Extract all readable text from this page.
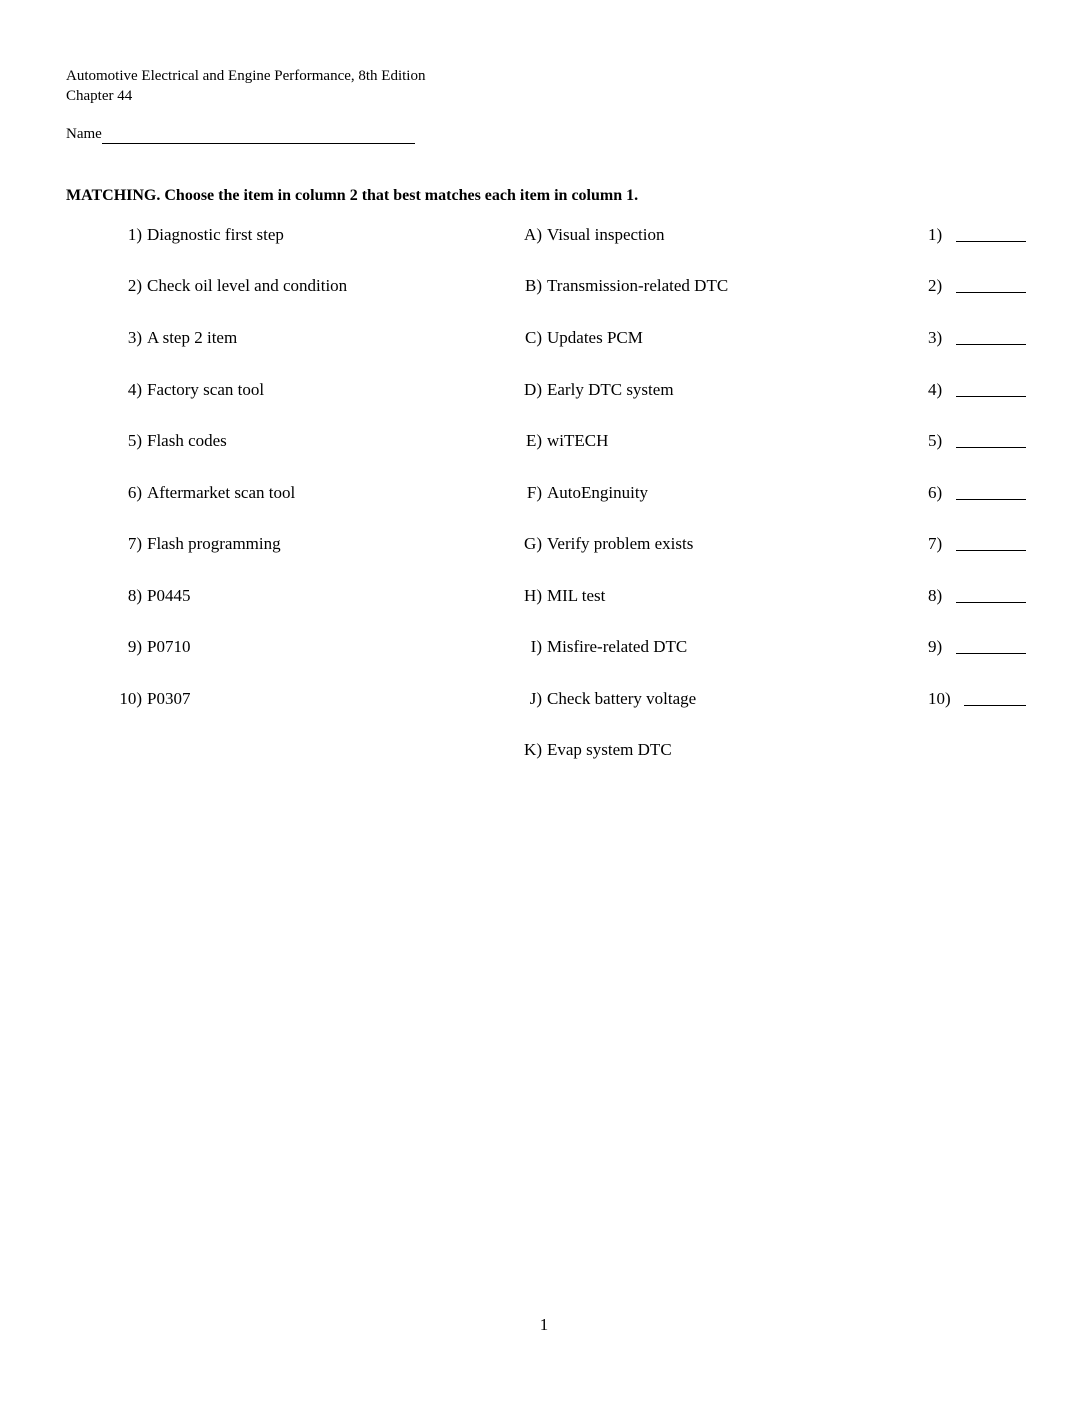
Automotive Electrical and Engine Performance, 8th Edition
Chapter 44
Name
MATCHING. Choose the item in column 2 that best matches each item in column 1.
1) Diagnostic first step	A) Visual inspection	1)
2) Check oil level and condition	B) Transmission-related DTC	2)
3) A step 2 item	C) Updates PCM	3)
4) Factory scan tool	D) Early DTC system	4)
5) Flash codes	E) wiTECH	5)
6) Aftermarket scan tool	F) AutoEnginuity	6)
7) Flash programming	G) Verify problem exists	7)
8) P0445	H) MIL test	8)
9) P0710	I) Misfire-related DTC	9)
10) P0307	J) Check battery voltage	10)
K) Evap system DTC
1
